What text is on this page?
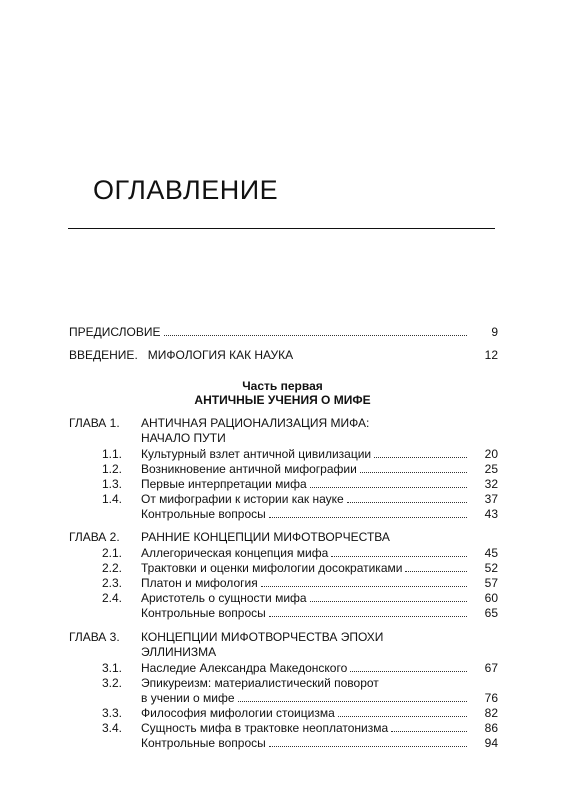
ОГЛАВЛЕНИЕ
ПРЕДИСЛОВИЕ	9
ВВЕДЕНИЕ. МИФОЛОГИЯ КАК НАУКА	12
Часть первая
АНТИЧНЫЕ УЧЕНИЯ О МИФЕ
ГЛАВА 1. АНТИЧНАЯ РАЦИОНАЛИЗАЦИЯ МИФА:
НАЧАЛО ПУТИ
1.1. Культурный взлет античной цивилизации	20
1.2. Возникновение античной мифографии	25
1.3. Первые интерпретации мифа	32
1.4. От мифографии к истории как науке	37
Контрольные вопросы	43
ГЛАВА 2. РАННИЕ КОНЦЕПЦИИ МИФОТВОРЧЕСТВА
2.1. Аллегорическая концепция мифа	45
2.2. Трактовки и оценки мифологии досократиками	52
2.3. Платон и мифология	57
2.4. Аристотель о сущности мифа	60
Контрольные вопросы	65
ГЛАВА 3. КОНЦЕПЦИИ МИФОТВОРЧЕСТВА ЭПОХИ
ЭЛЛИНИЗМА
3.1. Наследие Александра Македонского	67
3.2. Эпикуреизм: материалистический поворот
в учении о мифе	76
3.3. Философия мифологии стоицизма	82
3.4. Сущность мифа в трактовке неоплатонизма	86
Контрольные вопросы	94
